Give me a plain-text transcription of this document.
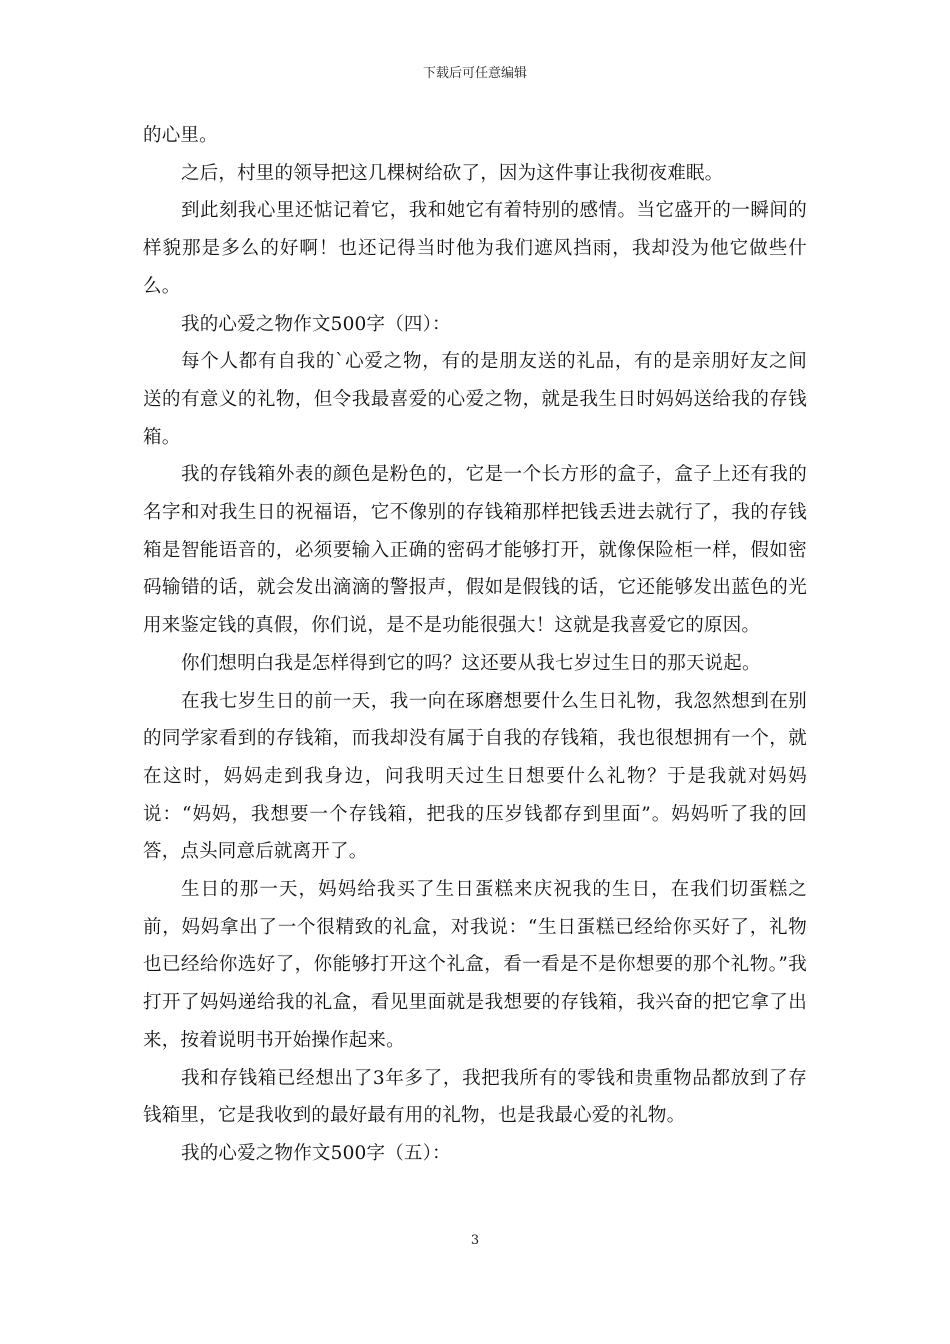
下载后可任意编辑

的心里。

之后，村里的领导把这几棵树给砍了，因为这件事让我彻夜难眠。

到此刻我心里还惦记着它，我和她它有着特别的感情。当它盛开的一瞬间的样貌那是多么的好啊！也还记得当时他为我们遮风挡雨，我却没为他它做些什么。

我的心爱之物作文500字（四）：

每个人都有自我的`心爱之物，有的是朋友送的礼品，有的是亲朋好友之间送的有意义的礼物，但令我最喜爱的心爱之物，就是我生日时妈妈送给我的存钱箱。

我的存钱箱外表的颜色是粉色的，它是一个长方形的盒子，盒子上还有我的名字和对我生日的祝福语，它不像别的存钱箱那样把钱丢进去就行了，我的存钱箱是智能语音的，必须要输入正确的密码才能够打开，就像保险柜一样，假如密码输错的话，就会发出滴滴的警报声，假如是假钱的话，它还能够发出蓝色的光用来鉴定钱的真假，你们说，是不是功能很强大！这就是我喜爱它的原因。

你们想明白我是怎样得到它的吗？这还要从我七岁过生日的那天说起。

在我七岁生日的前一天，我一向在琢磨想要什么生日礼物，我忽然想到在别的同学家看到的存钱箱，而我却没有属于自我的存钱箱，我也很想拥有一个，就在这时，妈妈走到我身边，问我明天过生日想要什么礼物？于是我就对妈妈说：“妈妈，我想要一个存钱箱，把我的压岁钱都存到里面”。妈妈听了我的回答，点头同意后就离开了。

生日的那一天，妈妈给我买了生日蛋糕来庆祝我的生日，在我们切蛋糕之前，妈妈拿出了一个很精致的礼盒，对我说：“生日蛋糕已经给你买好了，礼物也已经给你选好了，你能够打开这个礼盒，看一看是不是你想要的那个礼物。”我打开了妈妈递给我的礼盒，看见里面就是我想要的存钱箱，我兴奋的把它拿了出来，按着说明书开始操作起来。

我和存钱箱已经想出了3年多了，我把我所有的零钱和贵重物品都放到了存钱箱里，它是我收到的最好最有用的礼物，也是我最心爱的礼物。

我的心爱之物作文500字（五）：

3
